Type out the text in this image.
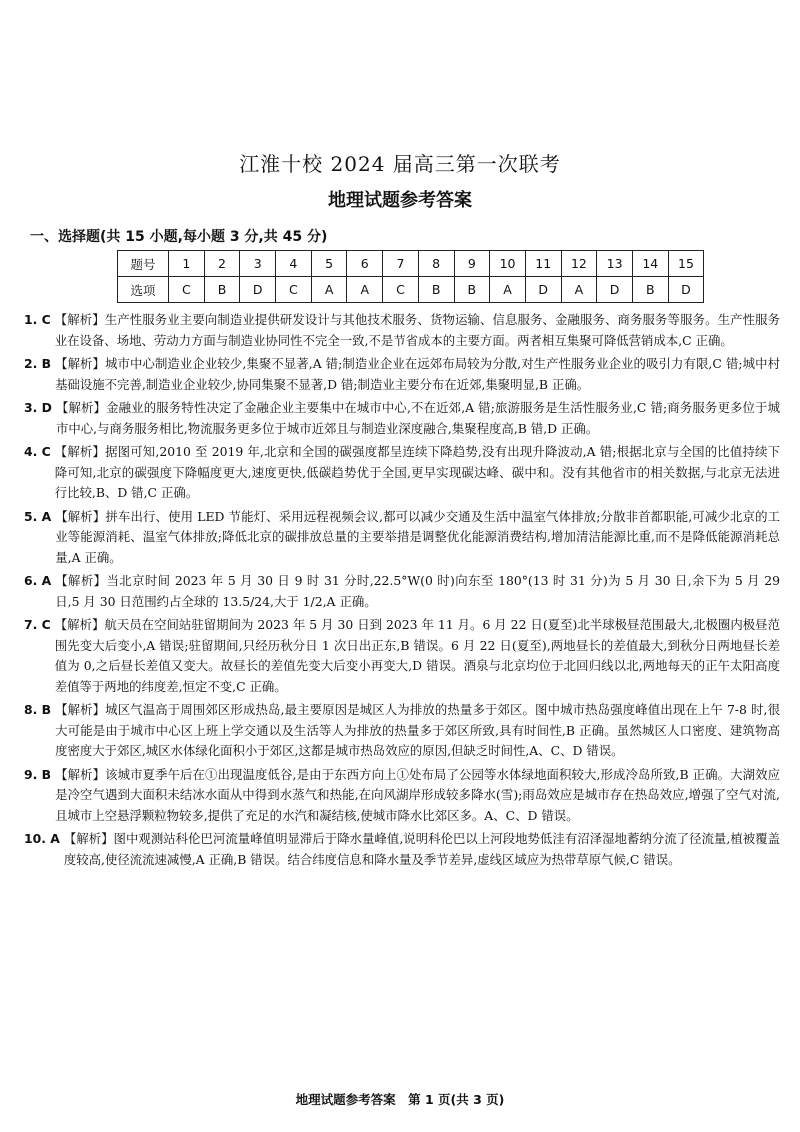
江淮十校 2024 届高三第一次联考
地理试题参考答案
一、选择题(共 15 小题,每小题 3 分,共 45 分)
题号	1	2	3	4	5	6	7	8	9	10	11	12	13	14	15
选项	C	B	D	C	A	A	C	B	B	A	D	A	D	B	D
1. C 【解析】生产性服务业主要向制造业提供研发设计与其他技术服务、货物运输、信息服务、金融服务、商务服务等服务。生产性服务业在设备、场地、劳动力方面与制造业协同性不完全一致,不是节省成本的主要方面。两者相互集聚可降低营销成本,C 正确。
2. B 【解析】城市中心制造业企业较少,集聚不显著,A 错;制造业企业在远郊布局较为分散,对生产性服务业企业的吸引力有限,C 错;城中村基础设施不完善,制造业企业较少,协同集聚不显著,D 错;制造业主要分布在近郊,集聚明显,B 正确。
3. D 【解析】金融业的服务特性决定了金融企业主要集中在城市中心,不在近郊,A 错;旅游服务是生活性服务业,C 错;商务服务更多位于城市中心,与商务服务相比,物流服务更多位于城市近郊且与制造业深度融合,集聚程度高,B 错,D 正确。
4. C 【解析】据图可知,2010 至 2019 年,北京和全国的碳强度都呈连续下降趋势,没有出现升降波动,A 错;根据北京与全国的比值持续下降可知,北京的碳强度下降幅度更大,速度更快,低碳趋势优于全国,更早实现碳达峰、碳中和。没有其他省市的相关数据,与北京无法进行比较,B、D 错,C 正确。
5. A 【解析】拼车出行、使用 LED 节能灯、采用远程视频会议,都可以减少交通及生活中温室气体排放;分散非首都职能,可减少北京的工业等能源消耗、温室气体排放;降低北京的碳排放总量的主要举措是调整优化能源消费结构,增加清洁能源比重,而不是降低能源消耗总量,A 正确。
6. A 【解析】当北京时间 2023 年 5 月 30 日 9 时 31 分时,22.5°W(0 时)向东至 180°(13 时 31 分)为 5 月 30 日,余下为 5 月 29 日,5 月 30 日范围约占全球的 13.5/24,大于 1/2,A 正确。
7. C 【解析】航天员在空间站驻留期间为 2023 年 5 月 30 日到 2023 年 11 月。6 月 22 日(夏至)北半球极昼范围最大,北极圈内极昼范围先变大后变小,A 错误;驻留期间,只经历秋分日 1 次日出正东,B 错误。6 月 22 日(夏至),两地昼长的差值最大,到秋分日两地昼长差值为 0,之后昼长差值又变大。故昼长的差值先变大后变小再变大,D 错误。酒泉与北京均位于北回归线以北,两地每天的正午太阳高度差值等于两地的纬度差,恒定不变,C 正确。
8. B 【解析】城区气温高于周围郊区形成热岛,最主要原因是城区人为排放的热量多于郊区。图中城市热岛强度峰值出现在上午 7-8 时,很大可能是由于城市中心区上班上学交通以及生活等人为排放的热量多于郊区所致,具有时间性,B 正确。虽然城区人口密度、建筑物高度密度大于郊区,城区水体绿化面积小于郊区,这都是城市热岛效应的原因,但缺乏时间性,A、C、D 错误。
9. B 【解析】该城市夏季午后在①出现温度低谷,是由于东西方向上①处布局了公园等水体绿地面积较大,形成冷岛所致,B 正确。大湖效应是冷空气遇到大面积未结冰水面从中得到水蒸气和热能,在向风湖岸形成较多降水(雪);雨岛效应是城市存在热岛效应,增强了空气对流,且城市上空悬浮颗粒物较多,提供了充足的水汽和凝结核,使城市降水比郊区多。A、C、D 错误。
10. A 【解析】图中观测站科伦巴河流量峰值明显滞后于降水量峰值,说明科伦巴以上河段地势低洼有沼泽湿地蓄纳分流了径流量,植被覆盖度较高,使径流流速减慢,A 正确,B 错误。结合纬度信息和降水量及季节差异,虚线区域应为热带草原气候,C 错误。
地理试题参考答案　第 1 页(共 3 页)
